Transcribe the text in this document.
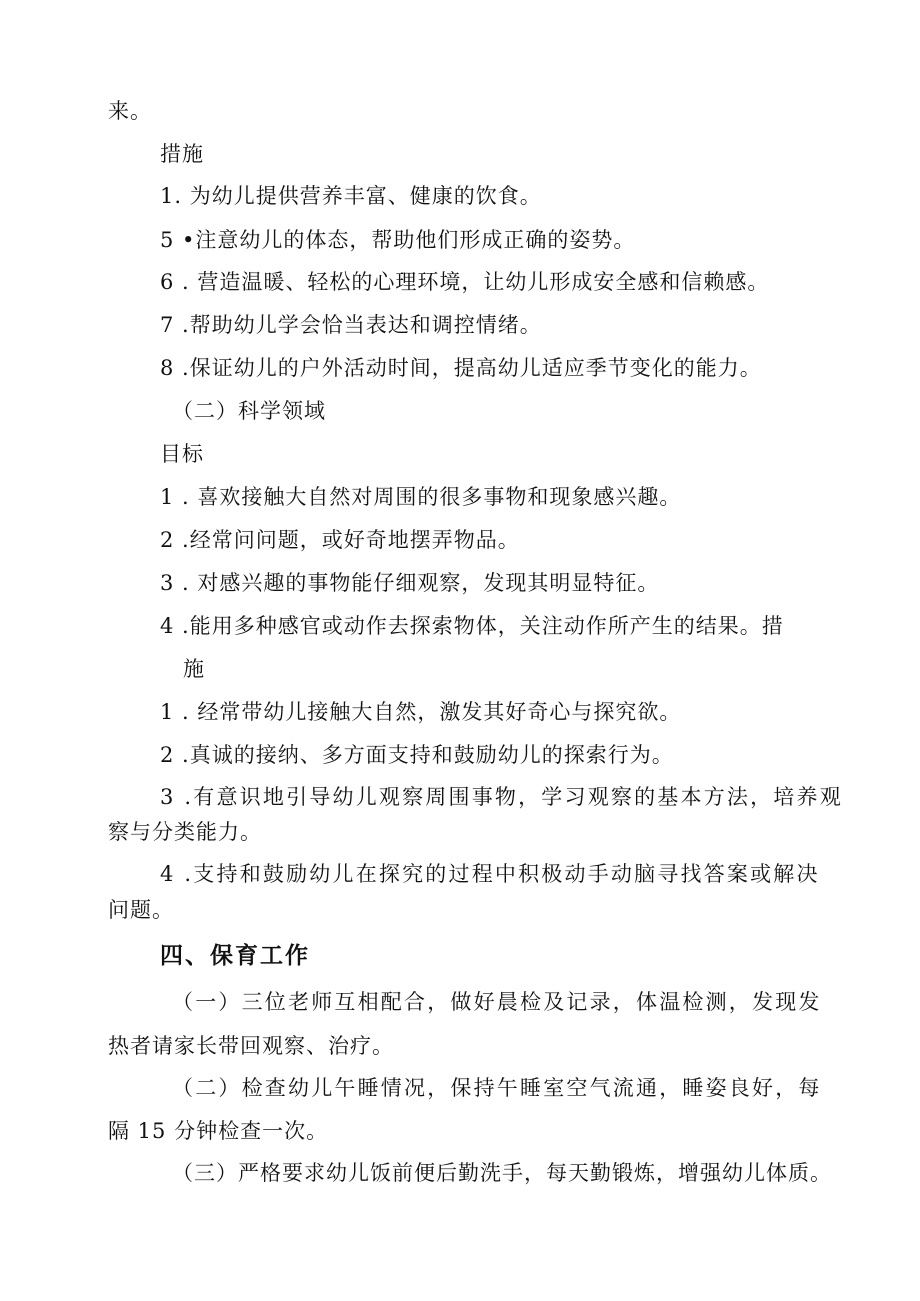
来。
措施
1. 为幼儿提供营养丰富、健康的饮食。
5 •注意幼儿的体态，帮助他们形成正确的姿势。
6 . 营造温暖、轻松的心理环境，让幼儿形成安全感和信赖感。
7 .帮助幼儿学会恰当表达和调控情绪。
8 .保证幼儿的户外活动时间，提高幼儿适应季节变化的能力。
（二）科学领域
目标
1 . 喜欢接触大自然对周围的很多事物和现象感兴趣。
2 .经常问问题，或好奇地摆弄物品。
3 . 对感兴趣的事物能仔细观察，发现其明显特征。
4 .能用多种感官或动作去探索物体，关注动作所产生的结果。措
施
1 . 经常带幼儿接触大自然，激发其好奇心与探究欲。
2 .真诚的接纳、多方面支持和鼓励幼儿的探索行为。
3 .有意识地引导幼儿观察周围事物，学习观察的基本方法，培养观
察与分类能力。
4 .支持和鼓励幼儿在探究的过程中积极动手动脑寻找答案或解决
问题。
四、保育工作
（一）三位老师互相配合，做好晨检及记录，体温检测，发现发
热者请家长带回观察、治疗。
（二）检查幼儿午睡情况，保持午睡室空气流通，睡姿良好，每
隔 15 分钟检查一次。
（三）严格要求幼儿饭前便后勤洗手，每天勤锻炼，增强幼儿体质。
